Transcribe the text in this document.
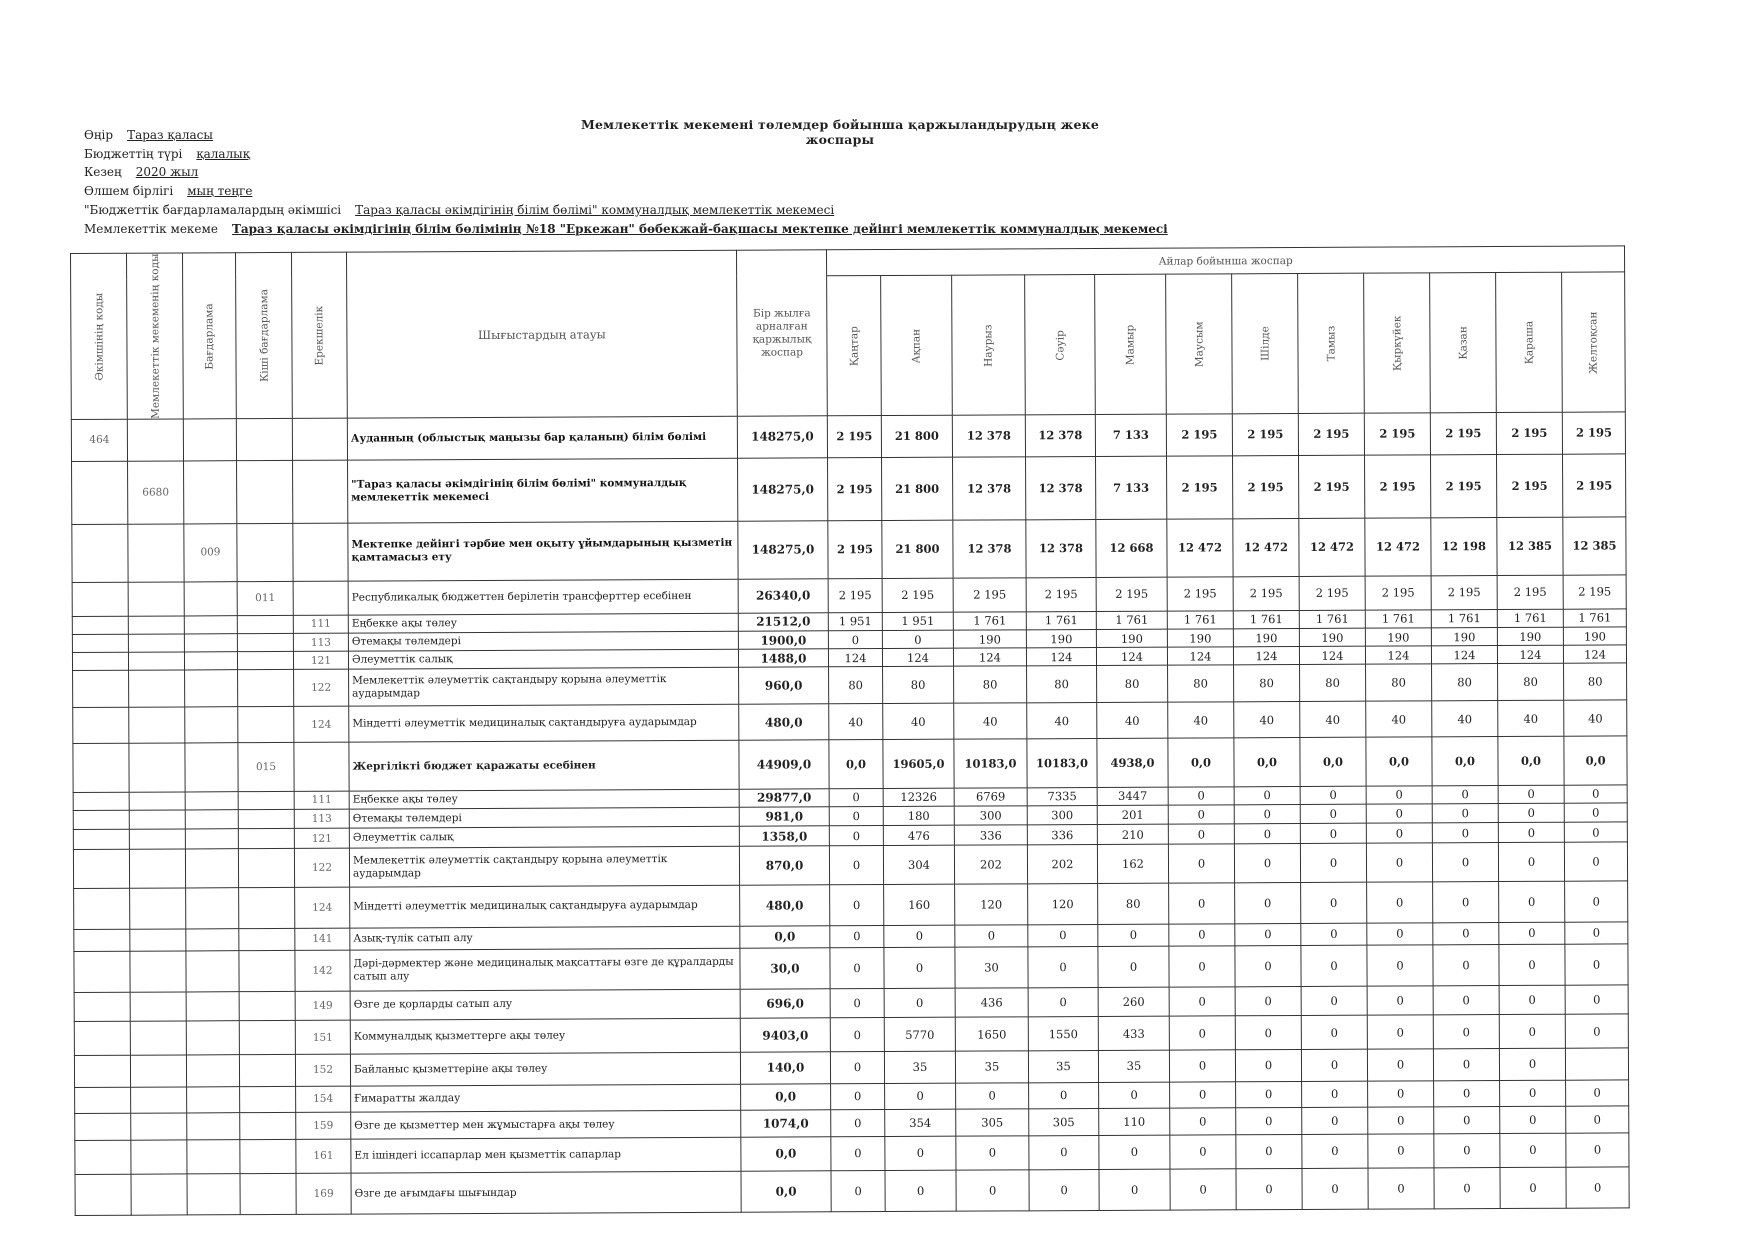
Мемлекеттік мекемені төлемдер бойынша қаржыландырудың жеке жоспары
Өңір Тараз қаласы
Бюджеттің түрі қалалық
Кезең 2020 жыл
Өлшем бірлігі мың теңге
"Бюджеттік бағдарламалардың әкімшісі Тараз қаласы әкімдігінің білім бөлімі" коммуналдық мемлекеттік мекемесі
Мемлекеттік мекеме Тараз қаласы әкімдігінің білім бөлімінің №18 "Еркежан" бөбекжай-бақшасы мектепке дейінгі мемлекеттік коммуналдық мекемесі
Әкімшінің коды	Мемлекеттік мекеменің коды	Бағдарлама	Кіші бағдарлама	Ерекшелік	Шығыстардың атауы	Бір жылға арналған қаржылық жоспар	Айлар бойынша жоспар											

							Қаңтар	Ақпан	Наурыз	Сәуір	Мамыр	Маусым	Шілде	Тамыз	Қыркүйек	Қазан	Қараша	Желтоқсан

464					Ауданның (облыстық маңызы бар қаланың) білім бөлімі	148275,0	2 195	21 800	12 378	12 378	7 133	2 195	2 195	2 195	2 195	2 195	2 195	2 195
	6680				"Тараз қаласы әкімдігінің білім бөлімі" коммуналдық мемлекеттік мекемесі	148275,0	2 195	21 800	12 378	12 378	7 133	2 195	2 195	2 195	2 195	2 195	2 195	2 195
		009			Мектепке дейінгі тәрбие мен оқыту ұйымдарының қызметін қамтамасыз ету	148275,0	2 195	21 800	12 378	12 378	12 668	12 472	12 472	12 472	12 472	12 198	12 385	12 385
			011		Республикалық бюджеттен берілетін трансферттер есебінен	26340,0	2 195	2 195	2 195	2 195	2 195	2 195	2 195	2 195	2 195	2 195	2 195	2 195
				111	Еңбекке ақы төлеу	21512,0	1 951	1 951	1 761	1 761	1 761	1 761	1 761	1 761	1 761	1 761	1 761	1 761
				113	Өтемақы төлемдері	1900,0	0	0	190	190	190	190	190	190	190	190	190	190
				121	Әлеуметтік салық	1488,0	124	124	124	124	124	124	124	124	124	124	124	124
				122	Мемлекеттік әлеуметтік сақтандыру қорына әлеуметтік аударымдар	960,0	80	80	80	80	80	80	80	80	80	80	80	80
				124	Міндетті әлеуметтік медициналық сақтандыруға аударымдар	480,0	40	40	40	40	40	40	40	40	40	40	40	40
			015		Жергілікті бюджет қаражаты есебінен	44909,0	0,0	19605,0	10183,0	10183,0	4938,0	0,0	0,0	0,0	0,0	0,0	0,0	0,0
				111	Еңбекке ақы төлеу	29877,0	0	12326	6769	7335	3447	0	0	0	0	0	0	0
				113	Өтемақы төлемдері	981,0	0	180	300	300	201	0	0	0	0	0	0	0
				121	Әлеуметтік салық	1358,0	0	476	336	336	210	0	0	0	0	0	0	0
				122	Мемлекеттік әлеуметтік сақтандыру қорына әлеуметтік аударымдар	870,0	0	304	202	202	162	0	0	0	0	0	0	0
				124	Міндетті әлеуметтік медициналық сақтандыруға аударымдар	480,0	0	160	120	120	80	0	0	0	0	0	0	0
				141	Азық-түлік сатып алу	0,0	0	0	0	0	0	0	0	0	0	0	0	0
				142	Дәрі-дәрмектер және медициналық мақсаттағы өзге де құралдарды сатып алу	30,0	0	0	30	0	0	0	0	0	0	0	0	0
				149	Өзге де қорларды сатып алу	696,0	0	0	436	0	260	0	0	0	0	0	0	0
				151	Коммуналдық қызметтерге ақы төлеу	9403,0	0	5770	1650	1550	433	0	0	0	0	0	0	0
				152	Байланыс қызметтеріне ақы төлеу	140,0	0	35	35	35	35	0	0	0	0	0	0	
				154	Ғимаратты жалдау	0,0	0	0	0	0	0	0	0	0	0	0	0	0
				159	Өзге де қызметтер мен жұмыстарға ақы төлеу	1074,0	0	354	305	305	110	0	0	0	0	0	0	0
				161	Ел ішіндегі іссапарлар мен қызметтік сапарлар	0,0	0	0	0	0	0	0	0	0	0	0	0	0
				169	Өзге де ағымдағы шығындар	0,0	0	0	0	0	0	0	0	0	0	0	0	0
